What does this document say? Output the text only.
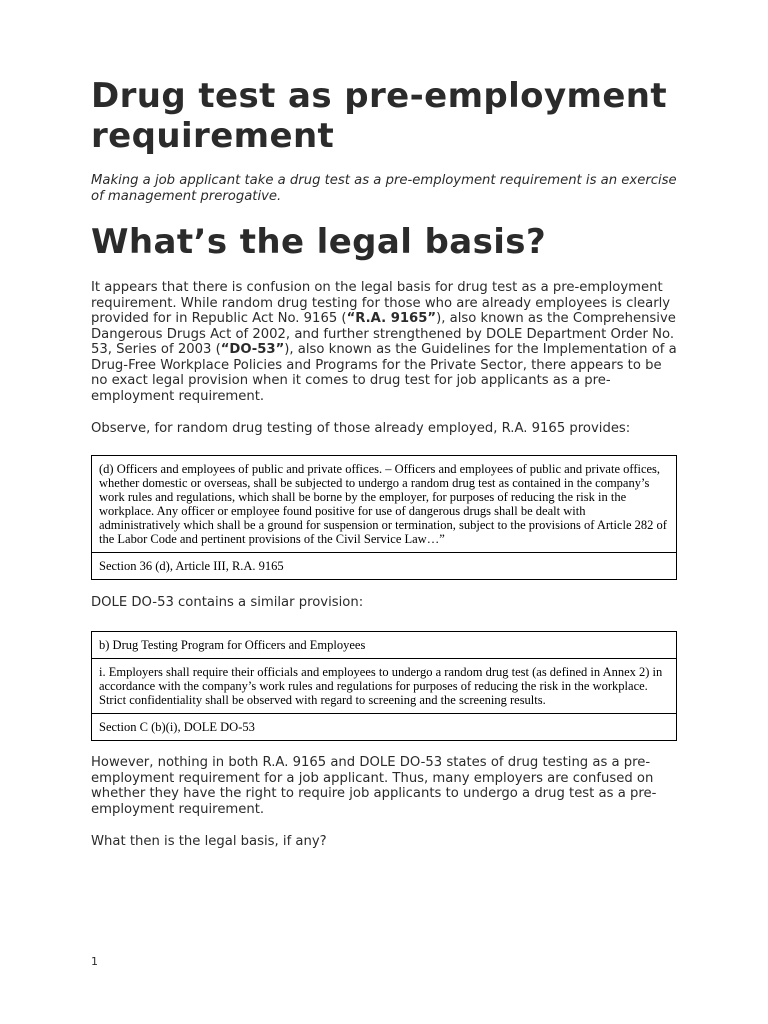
Drug test as pre-employment requirement

Making a job applicant take a drug test as a pre-employment requirement is an exercise of management prerogative.

What’s the legal basis?

It appears that there is confusion on the legal basis for drug test as a pre-employment requirement. While random drug testing for those who are already employees is clearly provided for in Republic Act No. 9165 (“R.A. 9165”), also known as the Comprehensive Dangerous Drugs Act of 2002, and further strengthened by DOLE Department Order No. 53, Series of 2003 (“DO-53”), also known as the Guidelines for the Implementation of a Drug-Free Workplace Policies and Programs for the Private Sector, there appears to be no exact legal provision when it comes to drug test for job applicants as a pre-employment requirement.

Observe, for random drug testing of those already employed, R.A. 9165 provides:

(d) Officers and employees of public and private offices. – Officers and employees of public and private offices, whether domestic or overseas, shall be subjected to undergo a random drug test as contained in the company’s work rules and regulations, which shall be borne by the employer, for purposes of reducing the risk in the workplace. Any officer or employee found positive for use of dangerous drugs shall be dealt with administratively which shall be a ground for suspension or termination, subject to the provisions of Article 282 of the Labor Code and pertinent provisions of the Civil Service Law…”
Section 36 (d), Article III, R.A. 9165

DOLE DO-53 contains a similar provision:

b) Drug Testing Program for Officers and Employees
i. Employers shall require their officials and employees to undergo a random drug test (as defined in Annex 2) in accordance with the company’s work rules and regulations for purposes of reducing the risk in the workplace. Strict confidentiality shall be observed with regard to screening and the screening results.
Section C (b)(i), DOLE DO-53

However, nothing in both R.A. 9165 and DOLE DO-53 states of drug testing as a pre-employment requirement for a job applicant. Thus, many employers are confused on whether they have the right to require job applicants to undergo a drug test as a pre-employment requirement.

What then is the legal basis, if any?

1
